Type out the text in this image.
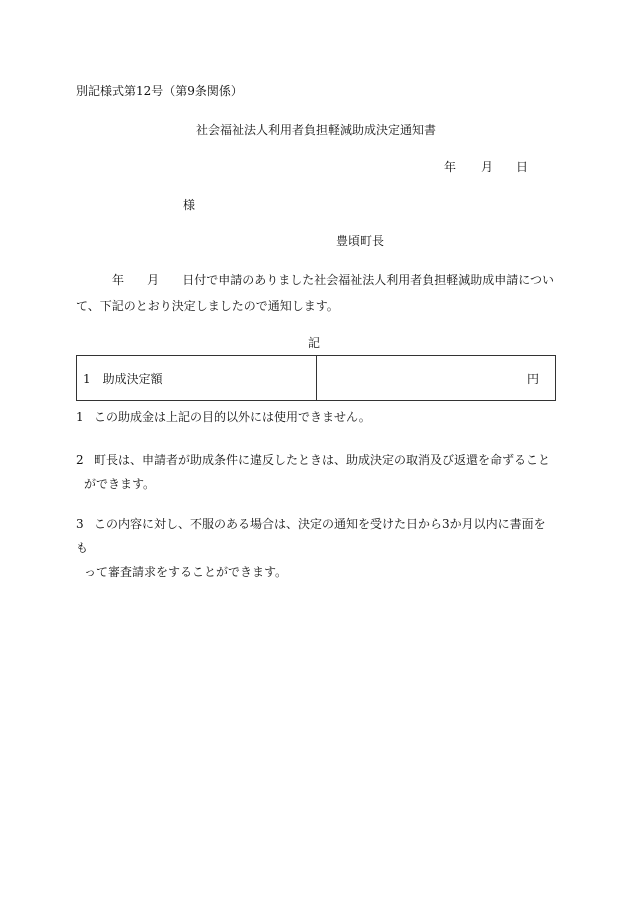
別記様式第12号（第9条関係）
社会福祉法人利用者負担軽減助成決定通知書
年 月 日
様
豊頃町長
年 月 日付で申請のありました社会福祉法人利用者負担軽減助成申請につい
て、下記のとおり決定しましたので通知します。
記
1　助成決定額	円
1 この助成金は上記の目的以外には使用できません。
2 町長は、申請者が助成条件に違反したときは、助成決定の取消及び返還を命ずること
ができます。
3 この内容に対し、不服のある場合は、決定の通知を受けた日から3か月以内に書面をも
って審査請求をすることができます。
